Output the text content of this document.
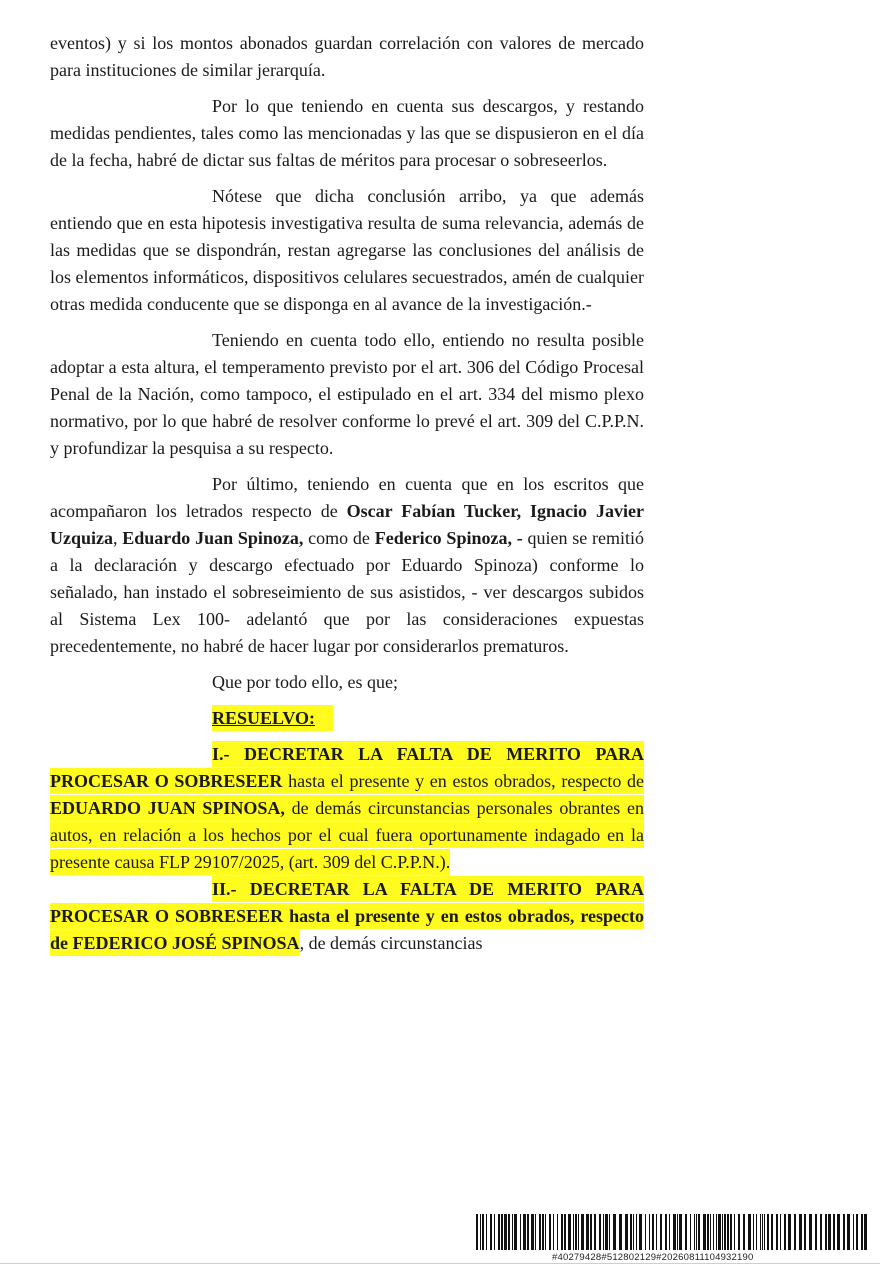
eventos) y si los montos abonados guardan correlación con valores de mercado para instituciones de similar jerarquía.

Por lo que teniendo en cuenta sus descargos, y restando medidas pendientes, tales como las mencionadas y las que se dispusieron en el día de la fecha, habré de dictar sus faltas de méritos para procesar o sobreseerlos.

Nótese que dicha conclusión arribo, ya que además entiendo que en esta hipotesis investigativa resulta de suma relevancia, además de las medidas que se dispondrán, restan agregarse las conclusiones del análisis de los elementos informáticos, dispositivos celulares secuestrados, amén de cualquier otras medida conducente que se disponga en al avance de la investigación.-

Teniendo en cuenta todo ello, entiendo no resulta posible adoptar a esta altura, el temperamento previsto por el art. 306 del Código Procesal Penal de la Nación, como tampoco, el estipulado en el art. 334 del mismo plexo normativo, por lo que habré de resolver conforme lo prevé el art. 309 del C.P.P.N. y profundizar la pesquisa a su respecto.

Por último, teniendo en cuenta que en los escritos que acompañaron los letrados respecto de Oscar Fabían Tucker, Ignacio Javier Uzquiza, Eduardo Juan Spinoza, como de Federico Spinoza, - quien se remitió a la declaración y descargo efectuado por Eduardo Spinoza) conforme lo señalado, han instado el sobreseimiento de sus asistidos, - ver descargos subidos al Sistema Lex 100- adelantó que por las consideraciones expuestas precedentemente, no habré de hacer lugar por considerarlos prematuros.

Que por todo ello, es que;

RESUELVO:

I.- DECRETAR LA FALTA DE MERITO PARA PROCESAR O SOBRESEER hasta el presente y en estos obrados, respecto de EDUARDO JUAN SPINOSA, de demás circunstancias personales obrantes en autos, en relación a los hechos por el cual fuera oportunamente indagado en la presente causa FLP 29107/2025, (art. 309 del C.P.P.N.).

II.- DECRETAR LA FALTA DE MERITO PARA PROCESAR O SOBRESEER hasta el presente y en estos obrados, respecto de FEDERICO JOSÉ SPINOSA, de demás circunstancias

#40279428#512802129#20260811104932190
